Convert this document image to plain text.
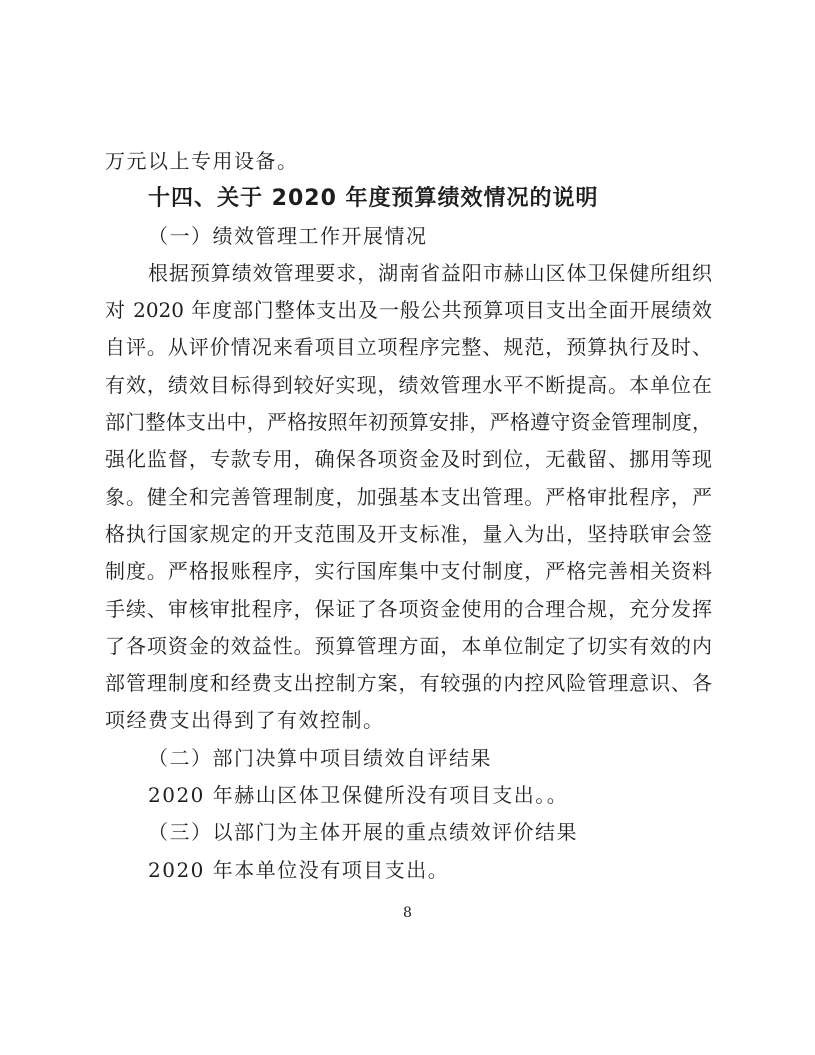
万元以上专用设备。
十四、关于 2020 年度预算绩效情况的说明
（一）绩效管理工作开展情况
根据预算绩效管理要求，湖南省益阳市赫山区体卫保健所组织
对 2020 年度部门整体支出及一般公共预算项目支出全面开展绩效
自评。从评价情况来看项目立项程序完整、规范，预算执行及时、
有效，绩效目标得到较好实现，绩效管理水平不断提高。本单位在
部门整体支出中，严格按照年初预算安排，严格遵守资金管理制度，
强化监督，专款专用，确保各项资金及时到位，无截留、挪用等现
象。健全和完善管理制度，加强基本支出管理。严格审批程序，严
格执行国家规定的开支范围及开支标准，量入为出，坚持联审会签
制度。严格报账程序，实行国库集中支付制度，严格完善相关资料
手续、审核审批程序，保证了各项资金使用的合理合规，充分发挥
了各项资金的效益性。预算管理方面，本单位制定了切实有效的内
部管理制度和经费支出控制方案，有较强的内控风险管理意识、各
项经费支出得到了有效控制。
（二）部门决算中项目绩效自评结果
2020 年赫山区体卫保健所没有项目支出。。
（三）以部门为主体开展的重点绩效评价结果
2020 年本单位没有项目支出。
8
